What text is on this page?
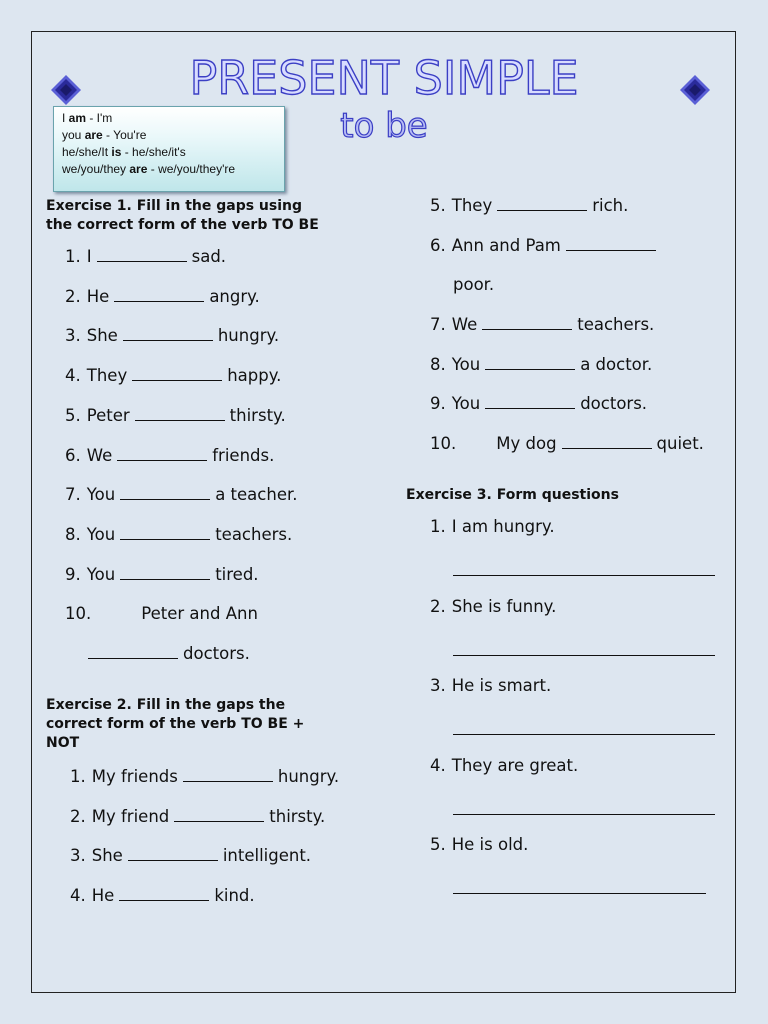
PRESENT SIMPLE
to be
I am - I'm
you are - You're
he/she/It is - he/she/it's
we/you/they are - we/you/they're
Exercise 1. Fill in the gaps using
the correct form of the verb TO BE
1. I	sad.
2. He	angry.
3. She	hungry.
4. They	happy.
5. Peter	thirsty.
6. We	friends.
7. You	a teacher.
8. You	teachers.
9. You	tired.
10.	Peter and Ann
doctors.
Exercise 2. Fill in the gaps the
correct form of the verb TO BE +
NOT
1. My friends	hungry.
2. My friend	thirsty.
3. She	intelligent.
4. He	kind.
5. They	rich.
6. Ann and Pam
7. We	teachers.
8. You	a doctor.
9. You	doctors.
poor.
10. My dog	quiet.
Exercise 3. Form questions
1. I am hungry.
2. She is funny.
3. He is smart.
4. They are great.
5. He is old.
